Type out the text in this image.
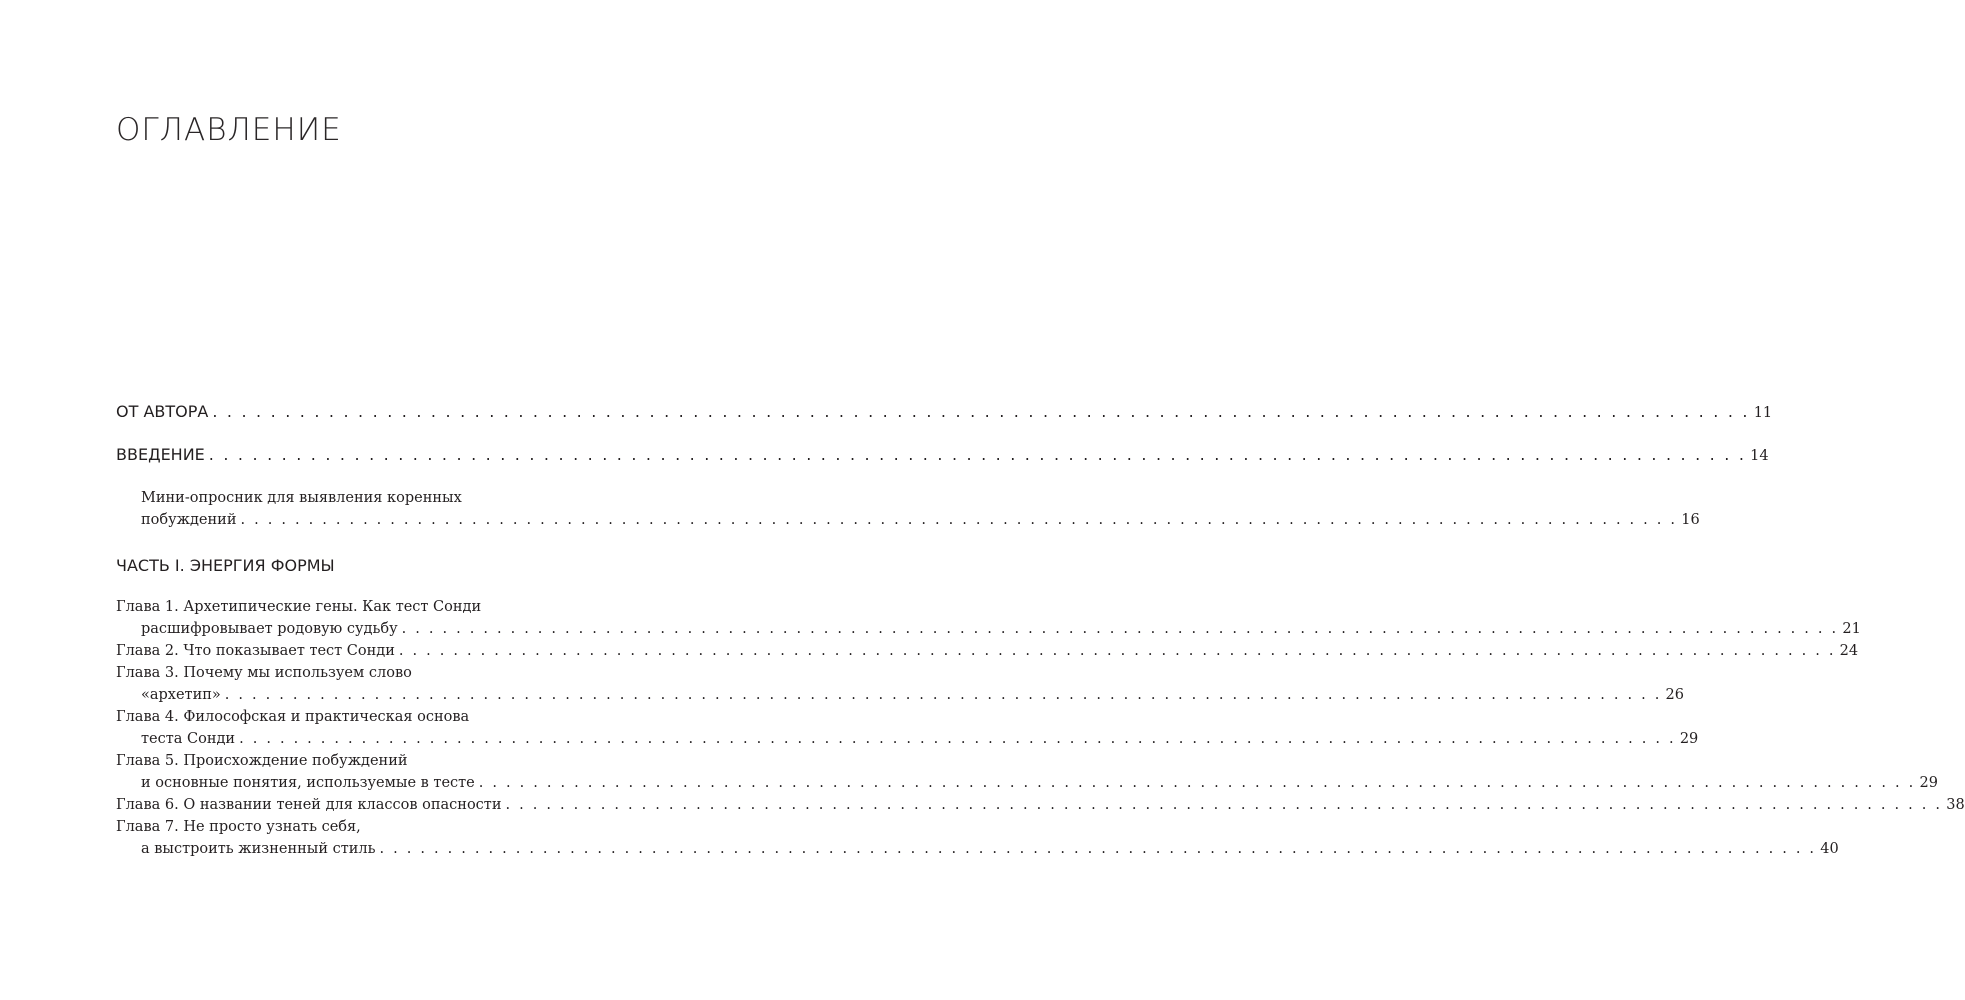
ОГЛАВЛЕНИЕ
ОТ АВТОРА . . . . . . . . . . . . . . . . . . . . . . . . . . . . . . . . . . . . . . . . . . . . . . . . . . . . . . . . . . . . . . . . . . . . . . . . . . . . . . . . . . . . . . . . . . . . . . . . . . . . . . . . . . 11
ВВЕДЕНИЕ . . . . . . . . . . . . . . . . . . . . . . . . . . . . . . . . . . . . . . . . . . . . . . . . . . . . . . . . . . . . . . . . . . . . . . . . . . . . . . . . . . . . . . . . . . . . . . . . . . . . . . . . . . 14
Мини-опросник для выявления коренных
побуждений . . . . . . . . . . . . . . . . . . . . . . . . . . . . . . . . . . . . . . . . . . . . . . . . . . . . . . . . . . . . . . . . . . . . . . . . . . . . . . . . . . . . . . . . . . . . . . . . . . . . . . . . . . 16
ЧАСТЬ I. ЭНЕРГИЯ ФОРМЫ
Глава 1. Архетипические гены. Как тест Сонди
расшифровывает родовую судьбу . . . . . . . . . . . . . . . . . . . . . . . . . . . . . . . . . . . . . . . . . . . . . . . . . . . . . . . . . . . . . . . . . . . . . . . . . . . . . . . . . . . . . . . . . . . . . . . . . . . . . . . . . . 21
Глава 2. Что показывает тест Сонди . . . . . . . . . . . . . . . . . . . . . . . . . . . . . . . . . . . . . . . . . . . . . . . . . . . . . . . . . . . . . . . . . . . . . . . . . . . . . . . . . . . . . . . . . . . . . . . . . . . . . . . . . . 24
Глава 3. Почему мы используем слово
«архетип» . . . . . . . . . . . . . . . . . . . . . . . . . . . . . . . . . . . . . . . . . . . . . . . . . . . . . . . . . . . . . . . . . . . . . . . . . . . . . . . . . . . . . . . . . . . . . . . . . . . . . . . . . . 26
Глава 4. Философская и практическая основа
теста Сонди . . . . . . . . . . . . . . . . . . . . . . . . . . . . . . . . . . . . . . . . . . . . . . . . . . . . . . . . . . . . . . . . . . . . . . . . . . . . . . . . . . . . . . . . . . . . . . . . . . . . . . . . . . 29
Глава 5. Происхождение побуждений
и основные понятия, используемые в тесте . . . . . . . . . . . . . . . . . . . . . . . . . . . . . . . . . . . . . . . . . . . . . . . . . . . . . . . . . . . . . . . . . . . . . . . . . . . . . . . . . . . . . . . . . . . . . . . . . . . . . . . . . . 29
Глава 6. О названии теней для классов опасности . . . . . . . . . . . . . . . . . . . . . . . . . . . . . . . . . . . . . . . . . . . . . . . . . . . . . . . . . . . . . . . . . . . . . . . . . . . . . . . . . . . . . . . . . . . . . . . . . . . . . . . . . . 38
Глава 7. Не просто узнать себя,
а выстроить жизненный стиль . . . . . . . . . . . . . . . . . . . . . . . . . . . . . . . . . . . . . . . . . . . . . . . . . . . . . . . . . . . . . . . . . . . . . . . . . . . . . . . . . . . . . . . . . . . . . . . . . . . . . . . . . . 40
